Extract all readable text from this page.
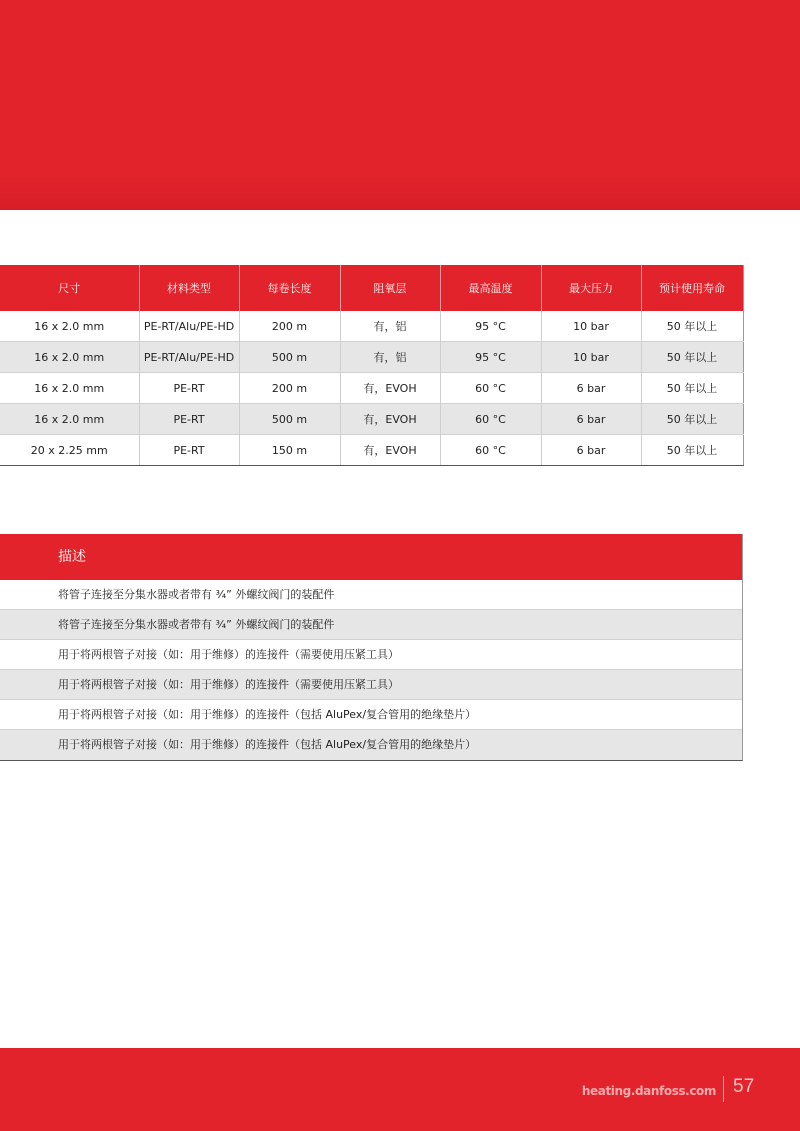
尺寸	材料类型	每卷长度	阻氧层	最高温度	最大压力	预计使用寿命
16 x 2.0 mm	PE-RT/Alu/PE-HD	200 m	有，铝	95 °C	10 bar	50 年以上
16 x 2.0 mm	PE-RT/Alu/PE-HD	500 m	有，铝	95 °C	10 bar	50 年以上
16 x 2.0 mm	PE-RT	200 m	有，EVOH	60 °C	6 bar	50 年以上
16 x 2.0 mm	PE-RT	500 m	有，EVOH	60 °C	6 bar	50 年以上
20 x 2.25 mm	PE-RT	150 m	有，EVOH	60 °C	6 bar	50 年以上
描述
将管子连接至分集水器或者带有 ¾” 外螺纹阀门的装配件
将管子连接至分集水器或者带有 ¾” 外螺纹阀门的装配件
用于将两根管子对接（如：用于维修）的连接件（需要使用压紧工具）
用于将两根管子对接（如：用于维修）的连接件（需要使用压紧工具）
用于将两根管子对接（如：用于维修）的连接件（包括 AluPex/复合管用的绝缘垫片）
用于将两根管子对接（如：用于维修）的连接件（包括 AluPex/复合管用的绝缘垫片）
heating.danfoss.com 57
